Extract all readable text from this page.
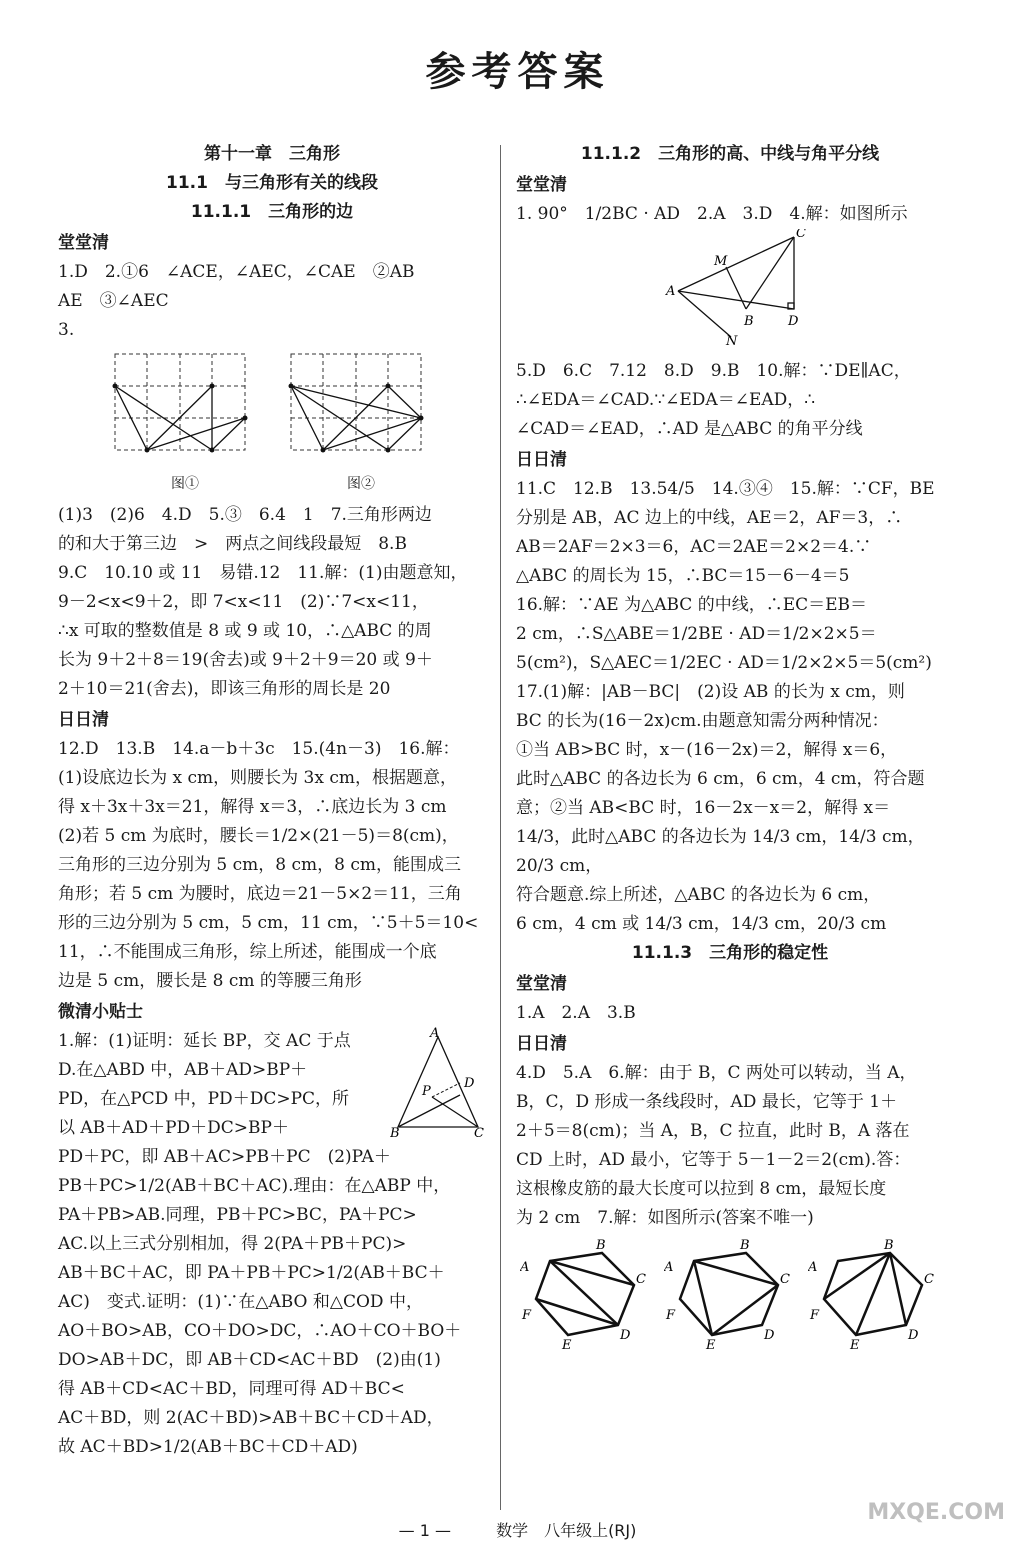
参考答案
第十一章　三角形
11.1　与三角形有关的线段
11.1.1　三角形的边
堂堂清
1.D　2.①6　∠ACE，∠AEC，∠CAE　②AB
AE　③∠AEC
3.
图①	图②
(1)3　(2)6　4.D　5.③　6.4　1　7.三角形两边
的和大于第三边　>　两点之间线段最短　8.B
9.C　10.10 或 11　易错.12　11.解：(1)由题意知，
9－2<x<9＋2，即 7<x<11　(2)∵7<x<11，
∴x 可取的整数值是 8 或 9 或 10，∴△ABC 的周
长为 9＋2＋8＝19(舍去)或 9＋2＋9＝20 或 9＋
2＋10＝21(舍去)，即该三角形的周长是 20
日日清
12.D　13.B　14.a－b＋3c　15.(4n－3)　16.解：
(1)设底边长为 x cm，则腰长为 3x cm，根据题意，
得 x＋3x＋3x＝21，解得 x＝3，∴底边长为 3 cm
(2)若 5 cm 为底时，腰长＝1/2×(21－5)＝8(cm)，
三角形的三边分别为 5 cm，8 cm，8 cm，能围成三
角形；若 5 cm 为腰时，底边＝21－5×2＝11，三角
形的三边分别为 5 cm，5 cm，11 cm，∵5＋5＝10<
11，∴不能围成三角形，综上所述，能围成一个底
边是 5 cm，腰长是 8 cm 的等腰三角形
微清小贴士
1.解：(1)证明：延长 BP，交 AC 于点
D.在△ABD 中，AB＋AD>BP＋
PD，在△PCD 中，PD＋DC>PC，所
以 AB＋AD＋PD＋DC>BP＋
A
B	C
D
P
PD＋PC，即 AB＋AC>PB＋PC　(2)PA＋
PB＋PC>1/2(AB＋BC＋AC).理由：在△ABP 中，
PA＋PB>AB.同理，PB＋PC>BC，PA＋PC>
AC.以上三式分别相加，得 2(PA＋PB＋PC)>
AB＋BC＋AC，即 PA＋PB＋PC>1/2(AB＋BC＋
AC)　变式.证明：(1)∵在△ABO 和△COD 中，
AO＋BO>AB，CO＋DO>DC，∴AO＋CO＋BO＋
DO>AB＋DC，即 AB＋CD<AC＋BD　(2)由(1)
得 AB＋CD<AC＋BD，同理可得 AD＋BC<
AC＋BD，则 2(AC＋BD)>AB＋BC＋CD＋AD，
故 AC＋BD>1/2(AB＋BC＋CD＋AD)
11.1.2　三角形的高、中线与角平分线
堂堂清
1. 90°　1/2BC · AD　2.A　3.D　4.解：如图所示
A
C
M
B	D
N
5.D　6.C　7.12　8.D　9.B　10.解：∵DE∥AC，
∴∠EDA＝∠CAD.∵∠EDA＝∠EAD，∴
∠CAD＝∠EAD，∴AD 是△ABC 的角平分线
日日清
11.C　12.B　13.54/5　14.③④　15.解：∵CF，BE
分别是 AB，AC 边上的中线，AE＝2，AF＝3，∴
AB＝2AF＝2×3＝6，AC＝2AE＝2×2＝4.∵
△ABC 的周长为 15，∴BC＝15－6－4＝5
16.解：∵AE 为△ABC 的中线，∴EC＝EB＝
2 cm，∴S△ABE＝1/2BE · AD＝1/2×2×5＝
5(cm²)，S△AEC＝1/2EC · AD＝1/2×2×5＝5(cm²)
17.(1)解：|AB－BC|　(2)设 AB 的长为 x cm，则
BC 的长为(16－2x)cm.由题意知需分两种情况：
①当 AB>BC 时，x－(16－2x)＝2，解得 x＝6，
此时△ABC 的各边长为 6 cm，6 cm，4 cm，符合题
意；②当 AB<BC 时，16－2x－x＝2，解得 x＝
14/3，此时△ABC 的各边长为 14/3 cm，14/3 cm，20/3 cm，
符合题意.综上所述，△ABC 的各边长为 6 cm，
6 cm，4 cm 或 14/3 cm，14/3 cm，20/3 cm
11.1.3　三角形的稳定性
堂堂清
1.A　2.A　3.B
日日清
4.D　5.A　6.解：由于 B，C 两处可以转动，当 A，
B，C，D 形成一条线段时，AD 最长，它等于 1＋
2＋5＝8(cm)；当 A，B，C 拉直，此时 B，A 落在
CD 上时，AD 最小，它等于 5－1－2＝2(cm).答：
这根橡皮筋的最大长度可以拉到 8 cm，最短长度
为 2 cm　7.解：如图所示(答案不唯一)
A
B
C
D
E
F
A
B
C
D
E
F
A
B
C
D
E
F
— 1 —	数学　八年级上(RJ)
MXQE.COM
